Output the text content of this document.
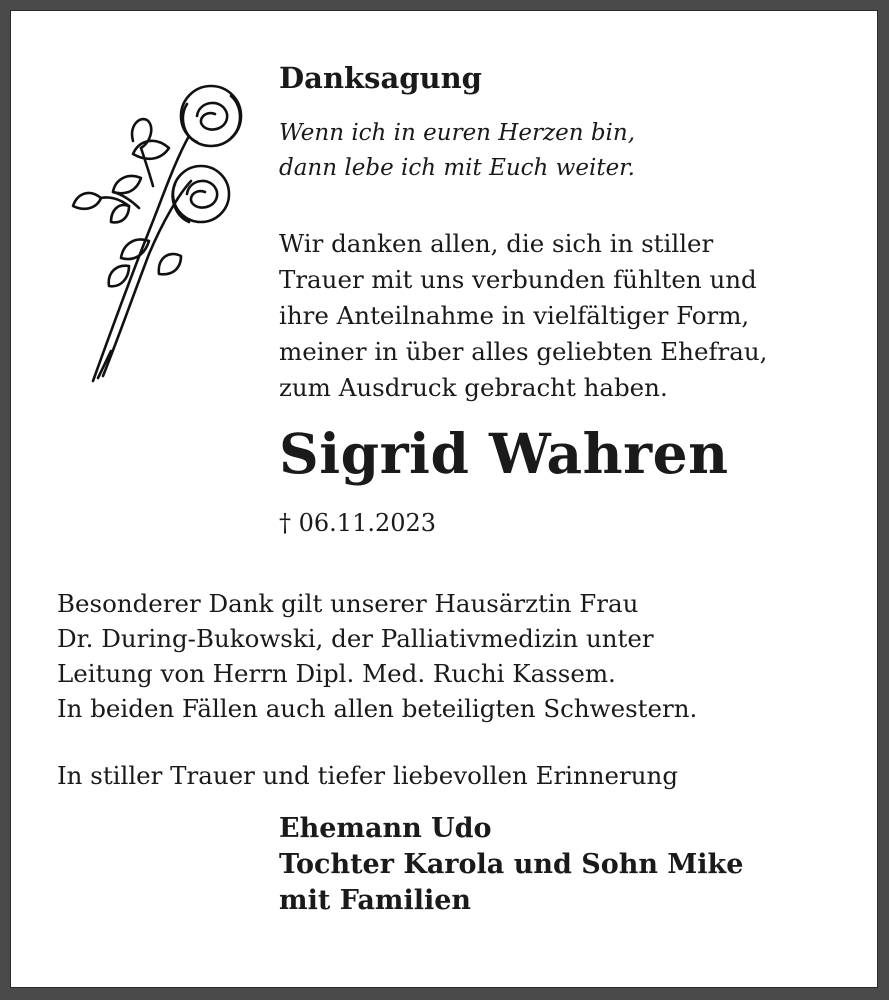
Danksagung
Wenn ich in euren Herzen bin,
dann lebe ich mit Euch weiter.
Wir danken allen, die sich in stiller
Trauer mit uns verbunden fühlten und
ihre Anteilnahme in vielfältiger Form,
meiner in über alles geliebten Ehefrau,
zum Ausdruck gebracht haben.
Sigrid Wahren
† 06.11.2023
Besonderer Dank gilt unserer Hausärztin Frau
Dr. During-Bukowski, der Palliativmedizin unter
Leitung von Herrn Dipl. Med. Ruchi Kassem.
In beiden Fällen auch allen beteiligten Schwestern.
In stiller Trauer und tiefer liebevollen Erinnerung
Ehemann Udo
Tochter Karola und Sohn Mike
mit Familien
